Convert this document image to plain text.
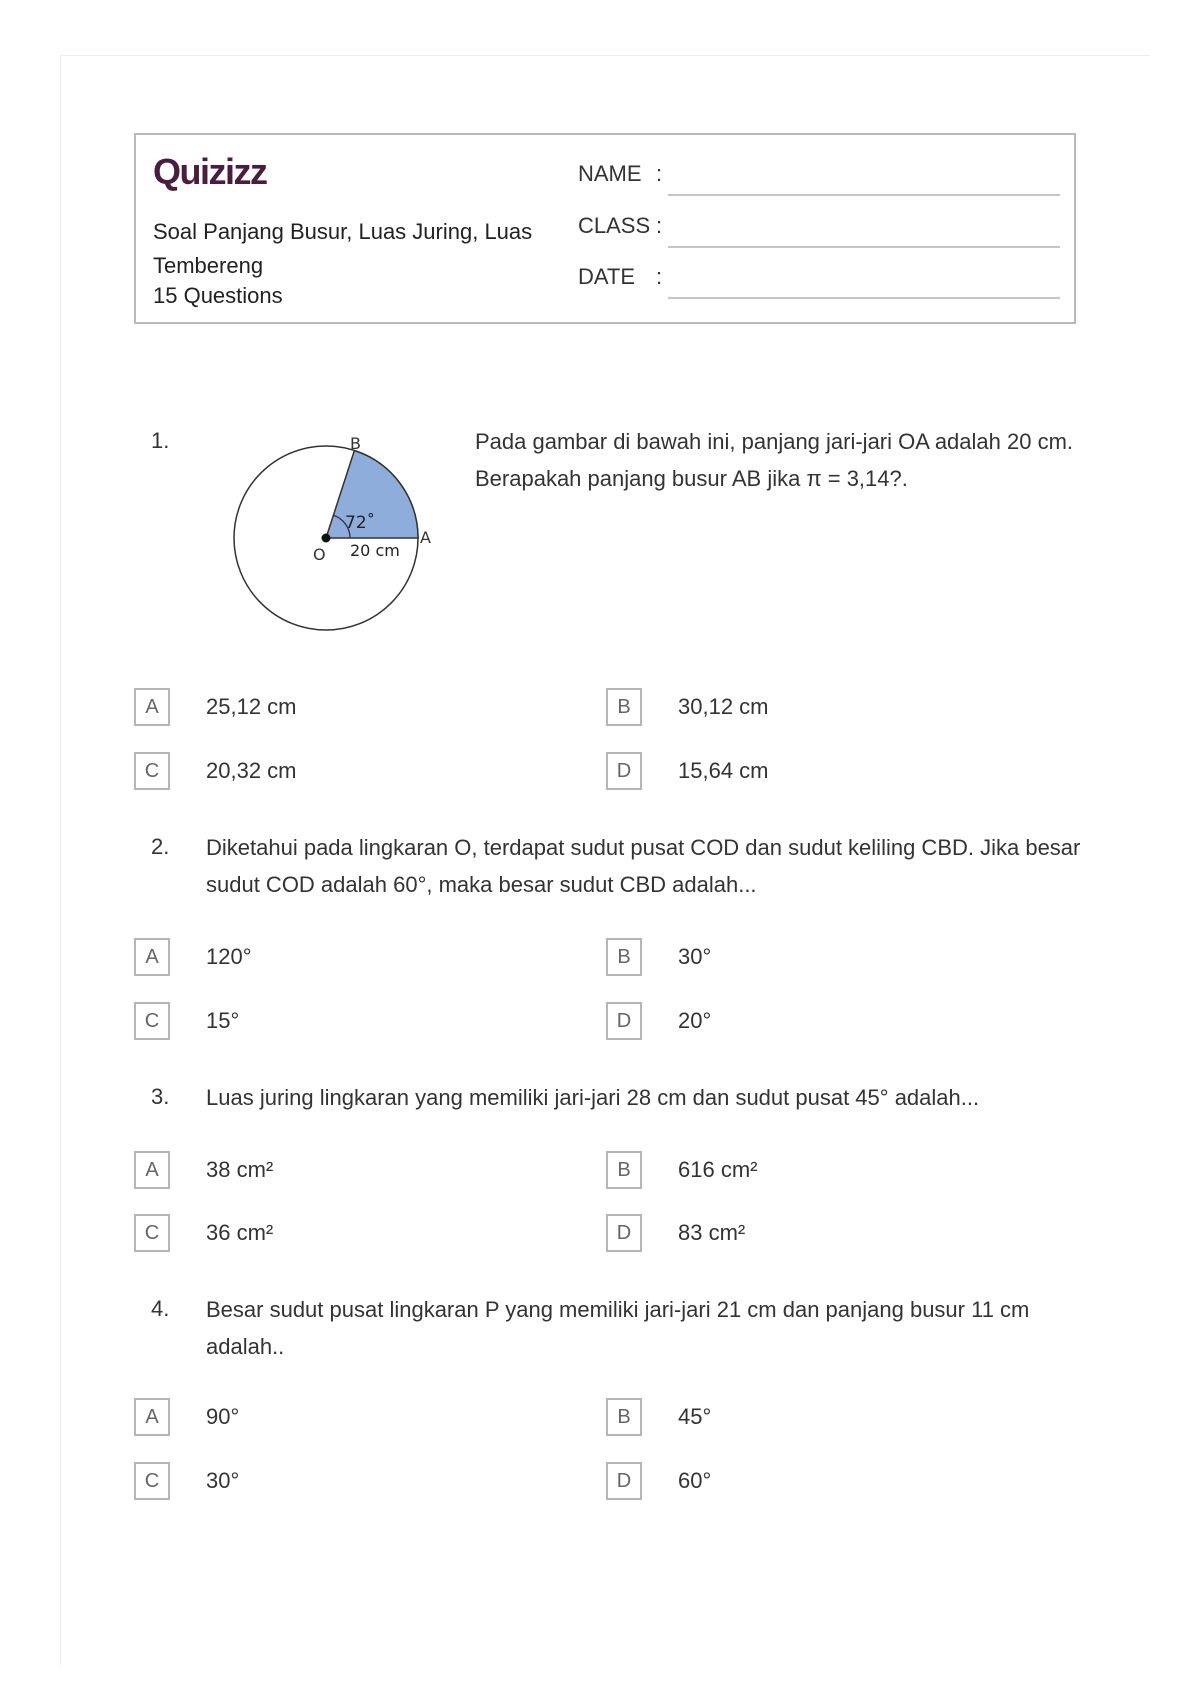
Quizizz
Soal Panjang Busur, Luas Juring, Luas Tembereng
15 Questions
NAME :
CLASS :
DATE :
1.	B
A
O
72˚
20 cm
Pada gambar di bawah ini, panjang jari-jari OA adalah 20 cm. Berapakah panjang busur AB jika π = 3,14?.
A	25,12 cm	B	30,12 cm
C	20,32 cm	D	15,64 cm
2. Diketahui pada lingkaran O, terdapat sudut pusat COD dan sudut keliling CBD. Jika besar sudut COD adalah 60°, maka besar sudut CBD adalah...
A	120°	B	30°
C	15°	D	20°
3. Luas juring lingkaran yang memiliki jari-jari 28 cm dan sudut pusat 45° adalah...
A	38 cm²	B	616 cm²
C	36 cm²	D	83 cm²
4. Besar sudut pusat lingkaran P yang memiliki jari-jari 21 cm dan panjang busur 11 cm adalah..
A	90°	B	45°
C	30°	D	60°
